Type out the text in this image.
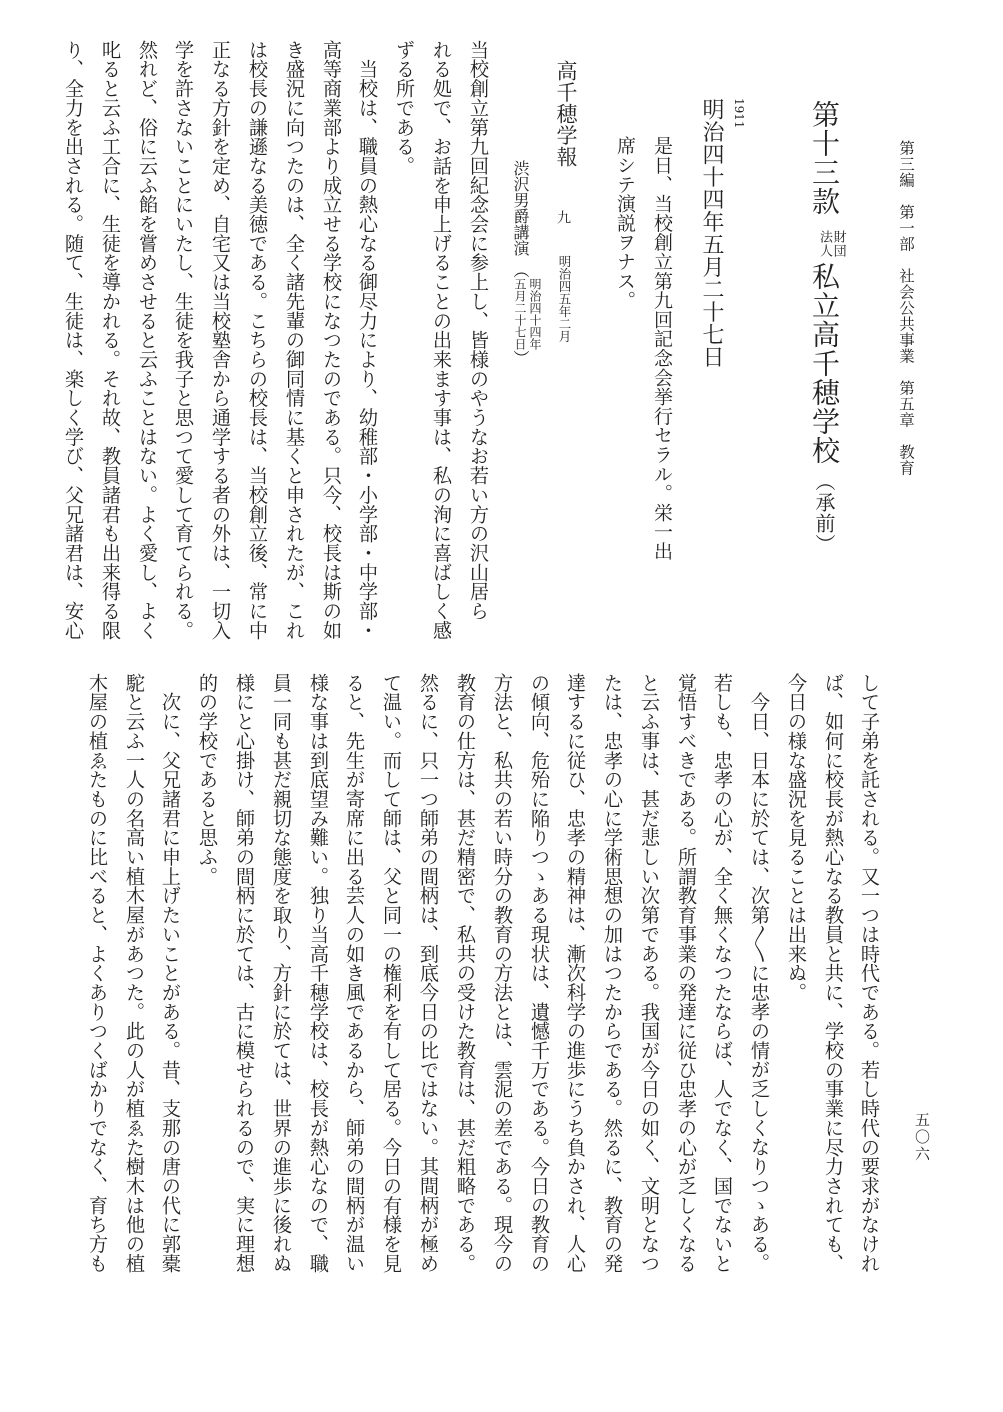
第三編　第一部　社会公共事業　第五章　教育
第十三款財団
法人私立高千穂学校（承前）
1911
明治四十四年五月二十七日
是日、当校創立第九回記念会挙行セラル。栄一出
席シテ演説ヲナス。
高千穂学報
九
明治四五年二月
渋沢男爵講演（明治四十四年
五月二十七日）
当校創立第九回紀念会に参上し、皆様のやうなお若い方の沢山居ら
れる処で、お話を申上げることの出来ます事は、私の洵に喜ばしく感
ずる所である。
　当校は、職員の熱心なる御尽力により、幼稚部・小学部・中学部・
高等商業部より成立せる学校になつたのである。只今、校長は斯の如
き盛況に向つたのは、全く諸先輩の御同情に基くと申されたが、これ
は校長の謙遜なる美徳である。こちらの校長は、当校創立後、常に中
正なる方針を定め、自宅又は当校塾舎から通学する者の外は、一切入
学を許さないことにいたし、生徒を我子と思つて愛して育てられる。
然れど、俗に云ふ餡を嘗めさせると云ふことはない。よく愛し、よく
叱ると云ふ工合に、生徒を導かれる。それ故、教員諸君も出来得る限
り、全力を出される。随て、生徒は、楽しく学び、父兄諸君は、安心
五〇六
して子弟を託される。又一つは時代である。若し時代の要求がなけれ
ば、如何に校長が熱心なる教員と共に、学校の事業に尽力されても、
今日の様な盛況を見ることは出来ぬ。
　今日、日本に於ては、次第〳〵に忠孝の情が乏しくなりつゝある。
若しも、忠孝の心が、全く無くなつたならば、人でなく、国でないと
覚悟すべきである。所謂教育事業の発達に従ひ忠孝の心が乏しくなる
と云ふ事は、甚だ悲しい次第である。我国が今日の如く、文明となつ
たは、忠孝の心に学術思想の加はつたからである。然るに、教育の発
達するに従ひ、忠孝の精神は、漸次科学の進歩にうち負かされ、人心
の傾向、危殆に陥りつゝある現状は、遺憾千万である。今日の教育の
方法と、私共の若い時分の教育の方法とは、雲泥の差である。現今の
教育の仕方は、甚だ精密で、私共の受けた教育は、甚だ粗略である。
然るに、只一つ師弟の間柄は、到底今日の比ではない。其間柄が極め
て温い。而して師は、父と同一の権利を有して居る。今日の有様を見
ると、先生が寄席に出る芸人の如き風であるから、師弟の間柄が温い
様な事は到底望み難い。独り当高千穂学校は、校長が熱心なので、職
員一同も甚だ親切な態度を取り、方針に於ては、世界の進歩に後れぬ
様にと心掛け、師弟の間柄に於ては、古に模せられるので、実に理想
的の学校であると思ふ。
　次に、父兄諸君に申上げたいことがある。昔、支那の唐の代に郭橐
駝と云ふ一人の名高い植木屋があつた。此の人が植ゑた樹木は他の植
木屋の植ゑたものに比べると、よくありつくばかりでなく、育ち方も
